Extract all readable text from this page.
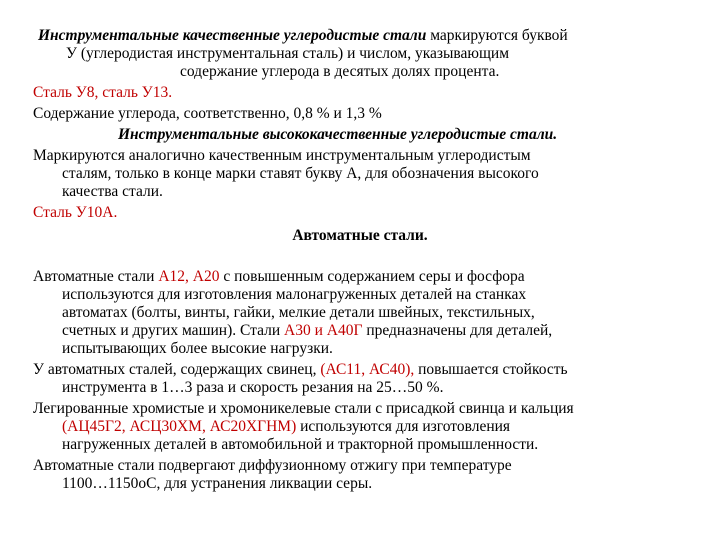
Инструментальные качественные углеродистые стали маркируются буквой
У (углеродистая инструментальная сталь) и числом, указывающим
содержание углерода в десятых долях процента.
Сталь У8, сталь У13.
Содержание углерода, соответственно, 0,8 % и 1,3 %
Инструментальные высококачественные углеродистые стали.
Маркируются аналогично качественным инструментальным углеродистым
сталям, только в конце марки ставят букву А, для обозначения высокого
качества стали.
Сталь У10А.
Автоматные стали.
Автоматные стали А12, А20 с повышенным содержанием серы и фосфора
используются для изготовления малонагруженных деталей на станках
автоматах (болты, винты, гайки, мелкие детали швейных, текстильных,
счетных и других машин). Стали А30 и А40Г предназначены для деталей,
испытывающих более высокие нагрузки.
У автоматных сталей, содержащих свинец, (АС11, АС40), повышается стойкость
инструмента в 1…3 раза и скорость резания на 25…50 %.
Легированные хромистые и хромоникелевые стали с присадкой свинца и кальция
(АЦ45Г2, АСЦ30ХМ, АС20ХГНМ) используются для изготовления
нагруженных деталей в автомобильной и тракторной промышленности.
Автоматные стали подвергают диффузионному отжигу при температуре
1100…1150оС, для устранения ликвации серы.
